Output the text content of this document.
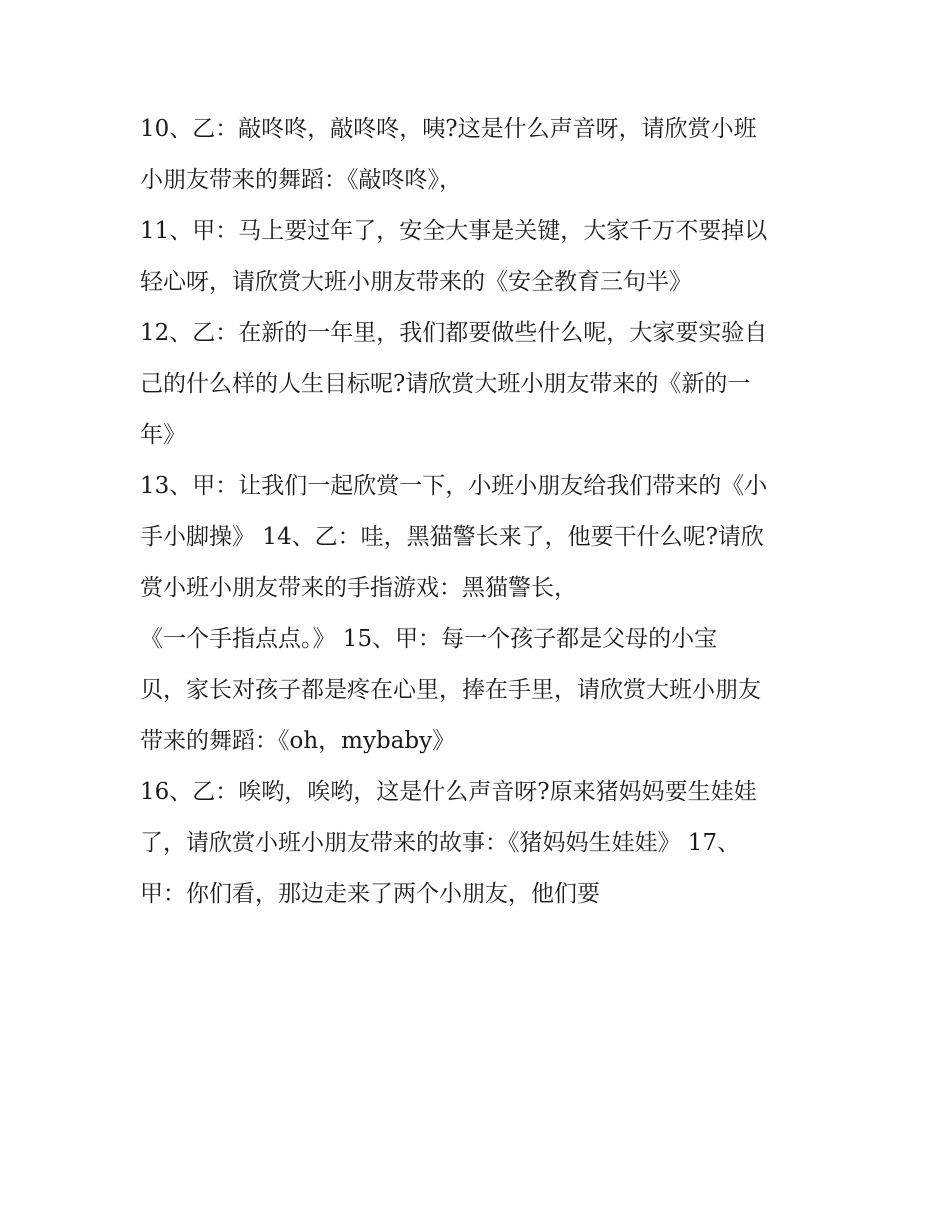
10、乙：敲咚咚，敲咚咚，咦?这是什么声音呀，请欣赏小班
小朋友带来的舞蹈：《敲咚咚》，
11、甲：马上要过年了，安全大事是关键，大家千万不要掉以
轻心呀，请欣赏大班小朋友带来的《安全教育三句半》
12、乙：在新的一年里，我们都要做些什么呢，大家要实验自
己的什么样的人生目标呢?请欣赏大班小朋友带来的《新的一
年》
13、甲：让我们一起欣赏一下，小班小朋友给我们带来的《小
手小脚操》 14、乙：哇，黑猫警长来了，他要干什么呢?请欣
赏小班小朋友带来的手指游戏：黑猫警长，
《一个手指点点。》 15、甲：每一个孩子都是父母的小宝
贝，家长对孩子都是疼在心里，捧在手里，请欣赏大班小朋友
带来的舞蹈：《oh，mybaby》
16、乙：唉哟，唉哟，这是什么声音呀?原来猪妈妈要生娃娃
了，请欣赏小班小朋友带来的故事：《猪妈妈生娃娃》 17、
甲：你们看，那边走来了两个小朋友，他们要
